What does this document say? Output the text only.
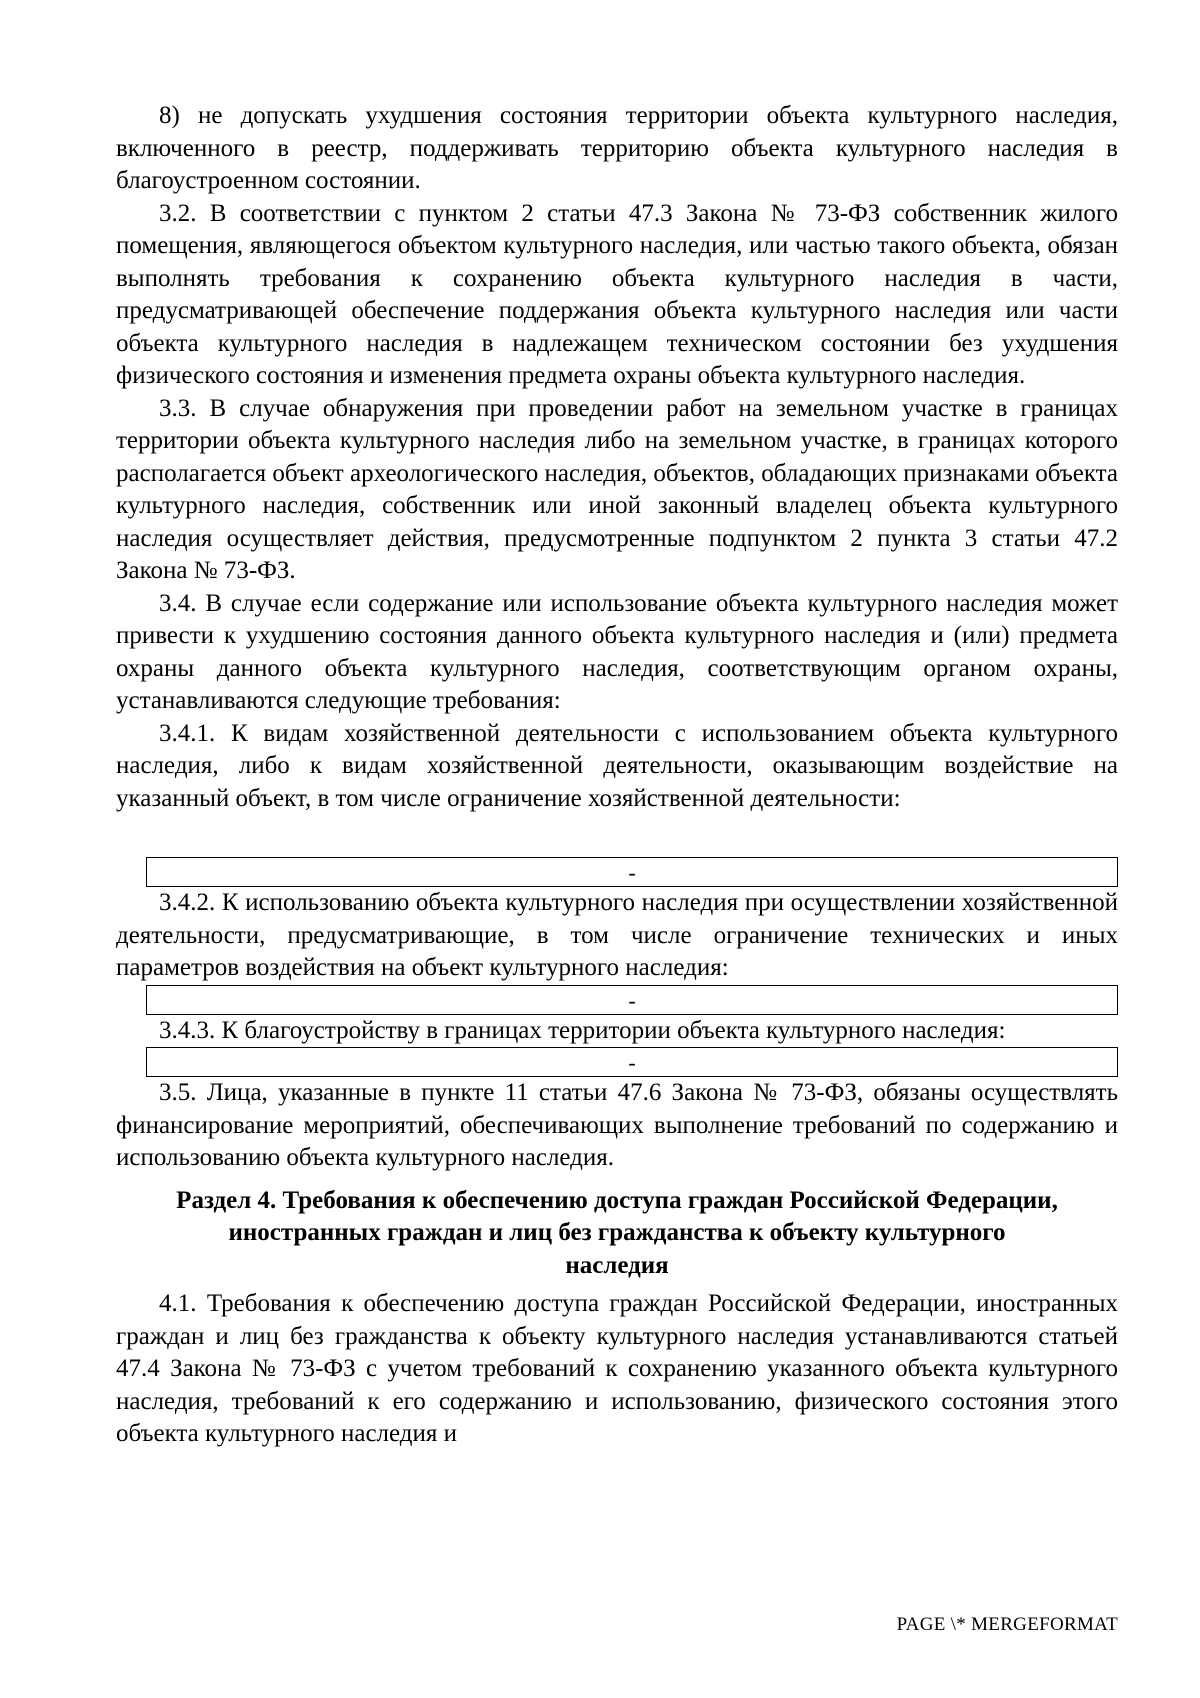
8) не допускать ухудшения состояния территории объекта культурного наследия, включенного в реестр, поддерживать территорию объекта культурного наследия в благоустроенном состоянии.

3.2. В соответствии с пунктом 2 статьи 47.3 Закона № 73-ФЗ собственник жилого помещения, являющегося объектом культурного наследия, или частью такого объекта, обязан выполнять требования к сохранению объекта культурного наследия в части, предусматривающей обеспечение поддержания объекта культурного наследия или части объекта культурного наследия в надлежащем техническом состоянии без ухудшения физического состояния и изменения предмета охраны объекта культурного наследия.

3.3. В случае обнаружения при проведении работ на земельном участке в границах территории объекта культурного наследия либо на земельном участке, в границах которого располагается объект археологического наследия, объектов, обладающих признаками объекта культурного наследия, собственник или иной законный владелец объекта культурного наследия осуществляет действия, предусмотренные подпунктом 2 пункта 3 статьи 47.2 Закона № 73-ФЗ.

3.4. В случае если содержание или использование объекта культурного наследия может привести к ухудшению состояния данного объекта культурного наследия и (или) предмета охраны данного объекта культурного наследия, соответствующим органом охраны, устанавливаются следующие требования:

3.4.1. К видам хозяйственной деятельности с использованием объекта культурного наследия, либо к видам хозяйственной деятельности, оказывающим воздействие на указанный объект, в том числе ограничение хозяйственной деятельности:

-

3.4.2. К использованию объекта культурного наследия при осуществлении хозяйственной деятельности, предусматривающие, в том числе ограничение технических и иных параметров воздействия на объект культурного наследия:

-

3.4.3. К благоустройству в границах территории объекта культурного наследия:

-

3.5. Лица, указанные в пункте 11 статьи 47.6 Закона № 73-ФЗ, обязаны осуществлять финансирование мероприятий, обеспечивающих выполнение требований по содержанию и использованию объекта культурного наследия.

Раздел 4. Требования к обеспечению доступа граждан Российской Федерации, иностранных граждан и лиц без гражданства к объекту культурного наследия

4.1. Требования к обеспечению доступа граждан Российской Федерации, иностранных граждан и лиц без гражданства к объекту культурного наследия устанавливаются статьей 47.4 Закона № 73-ФЗ с учетом требований к сохранению указанного объекта культурного наследия, требований к его содержанию и использованию, физического состояния этого объекта культурного наследия и

PAGE \* MERGEFORMAT
